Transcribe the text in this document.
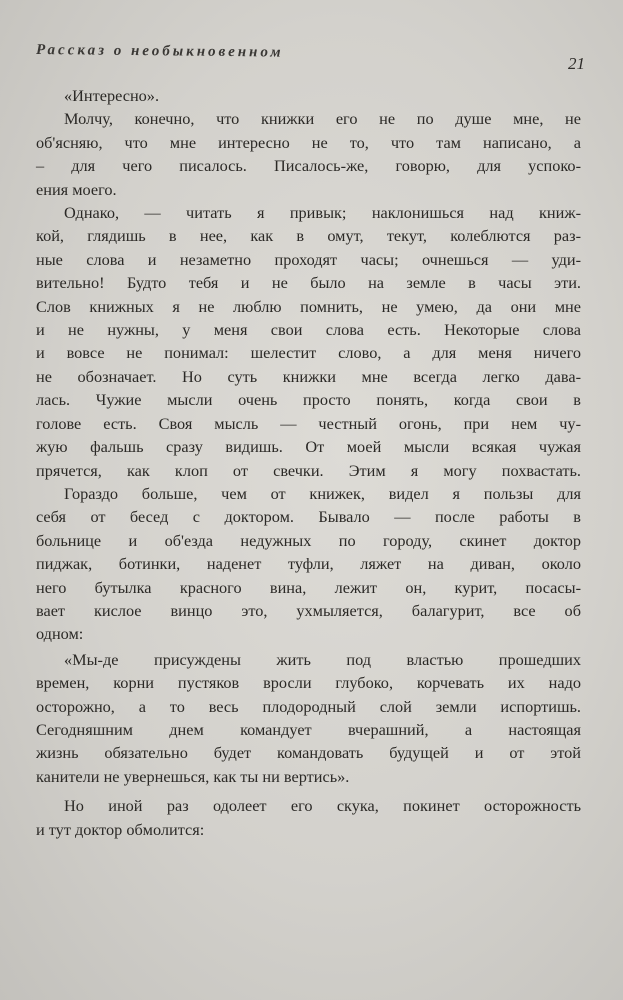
Рассказ о необыкновенном
21

«Интересно».

Молчу, конечно, что книжки его не по душе мне, не
об'ясняю, что мне интересно не то, что там написано, а
– для чего писалось. Писалось-же, говорю, для успоко-
ения моего.

Однако, — читать я привык; наклонишься над книж-
кой, глядишь в нее, как в омут, текут, колеблются раз-
ные слова и незаметно проходят часы; очнешься — уди-
вительно! Будто тебя и не было на земле в часы эти.
Слов книжных я не люблю помнить, не умею, да они мне
и не нужны, у меня свои слова есть. Некоторые слова
и вовсе не понимал: шелестит слово, а для меня ничего
не обозначает. Но суть книжки мне всегда легко дава-
лась. Чужие мысли очень просто понять, когда свои в
голове есть. Своя мысль — честный огонь, при нем чу-
жую фальшь сразу видишь. От моей мысли всякая чужая
прячется, как клоп от свечки. Этим я могу похвастать.

Гораздо больше, чем от книжек, видел я пользы для
себя от бесед с доктором. Бывало — после работы в
больнице и об'езда недужных по городу, скинет доктор
пиджак, ботинки, наденет туфли, ляжет на диван, около
него бутылка красного вина, лежит он, курит, посасы-
вает кислое винцо это, ухмыляется, балагурит, все об
одном:

«Мы-де присуждены жить под властью прошедших
времен, корни пустяков вросли глубоко, корчевать их надо
осторожно, а то весь плодородный слой земли испортишь.
Сегодняшним днем командует вчерашний, а настоящая
жизнь обязательно будет командовать будущей и от этой
канители не увернешься, как ты ни вертись».

Но иной раз одолеет его скука, покинет осторожность
и тут доктор обмолится:
